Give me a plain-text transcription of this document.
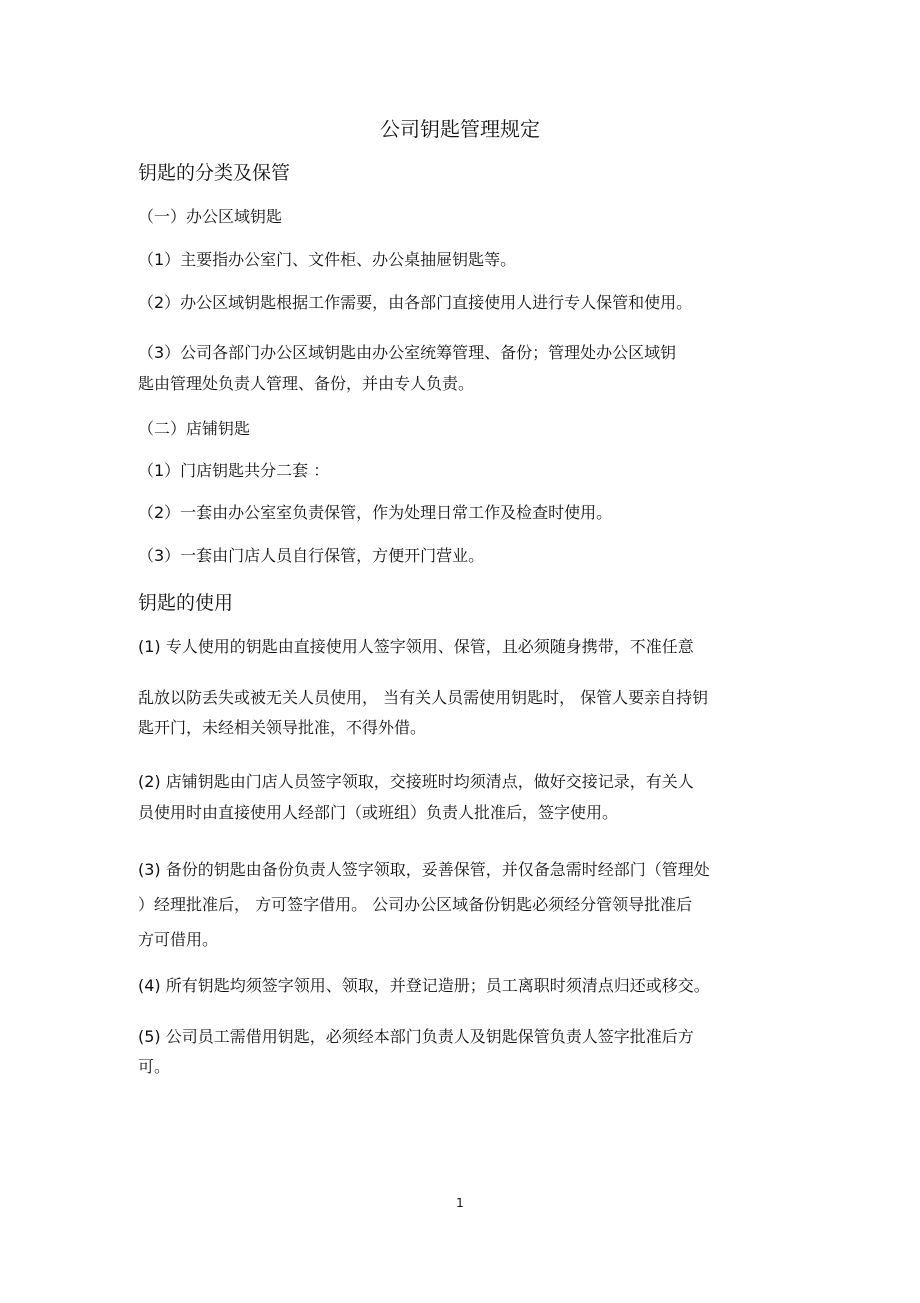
公司钥匙管理规定
钥匙的分类及保管
（一）办公区域钥匙
（1）主要指办公室门、文件柜、办公桌抽屉钥匙等。
（2）办公区域钥匙根据工作需要，由各部门直接使用人进行专人保管和使用。
（3）公司各部门办公区域钥匙由办公室统筹管理、备份；管理处办公区域钥
匙由管理处负责人管理、备份，并由专人负责。
（二）店铺钥匙
（1）门店钥匙共分二套 ：
（2）一套由办公室室负责保管，作为处理日常工作及检查时使用。
（3）一套由门店人员自行保管，方便开门营业。
钥匙的使用
(1) 专人使用的钥匙由直接使用人签字领用、保管，且必须随身携带，不准任意
乱放以防丢失或被无关人员使用， 当有关人员需使用钥匙时， 保管人要亲自持钥
匙开门，未经相关领导批准，不得外借。
(2) 店铺钥匙由门店人员签字领取，交接班时均须清点，做好交接记录，有关人
员使用时由直接使用人经部门（或班组）负责人批准后，签字使用。
(3) 备份的钥匙由备份负责人签字领取，妥善保管，并仅备急需时经部门（管理处
）经理批准后， 方可签字借用。 公司办公区域备份钥匙必须经分管领导批准后
方可借用。
(4) 所有钥匙均须签字领用、领取，并登记造册；员工离职时须清点归还或移交。
(5) 公司员工需借用钥匙，必须经本部门负责人及钥匙保管负责人签字批准后方
可。
1
